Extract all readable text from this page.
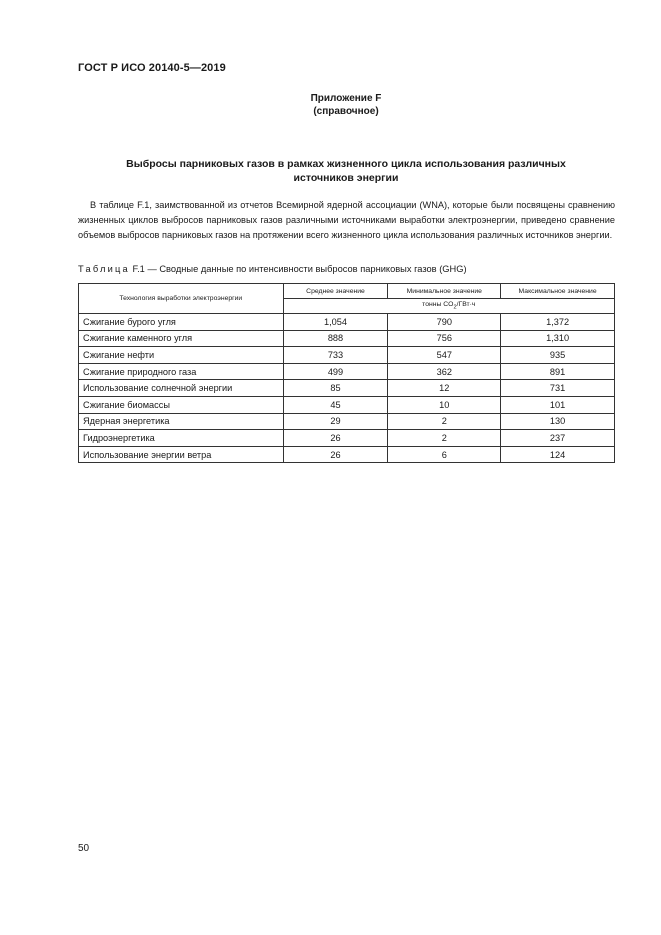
ГОСТ Р ИСО 20140-5—2019
Приложение F
(справочное)
Выбросы парниковых газов в рамках жизненного цикла использования различных
источников энергии

В таблице F.1, заимствованной из отчетов Всемирной ядерной ассоциации (WNA), которые были посвящены сравнению жизненных циклов выбросов парниковых газов различными источниками выработки электроэнергии, приведено сравнение объемов выбросов парниковых газов на протяжении всего жизненного цикла использования различных источников энергии.

Таблица F.1 — Сводные данные по интенсивности выбросов парниковых газов (GHG)
Технология выработки электроэнергии	Среднее значение	Минимальное значение	Максимальное значение
	тонны $CO_2/ГВт\cdot ч$		
Сжигание бурого угля	1,054	790	1,372
Сжигание каменного угля	888	756	1,310
Сжигание нефти	733	547	935
Сжигание природного газа	499	362	891
Использование солнечной энергии	85	12	731
Сжигание биомассы	45	10	101
Ядерная энергетика	29	2	130
Гидроэнергетика	26	2	237
Использование энергии ветра	26	6	124
50
